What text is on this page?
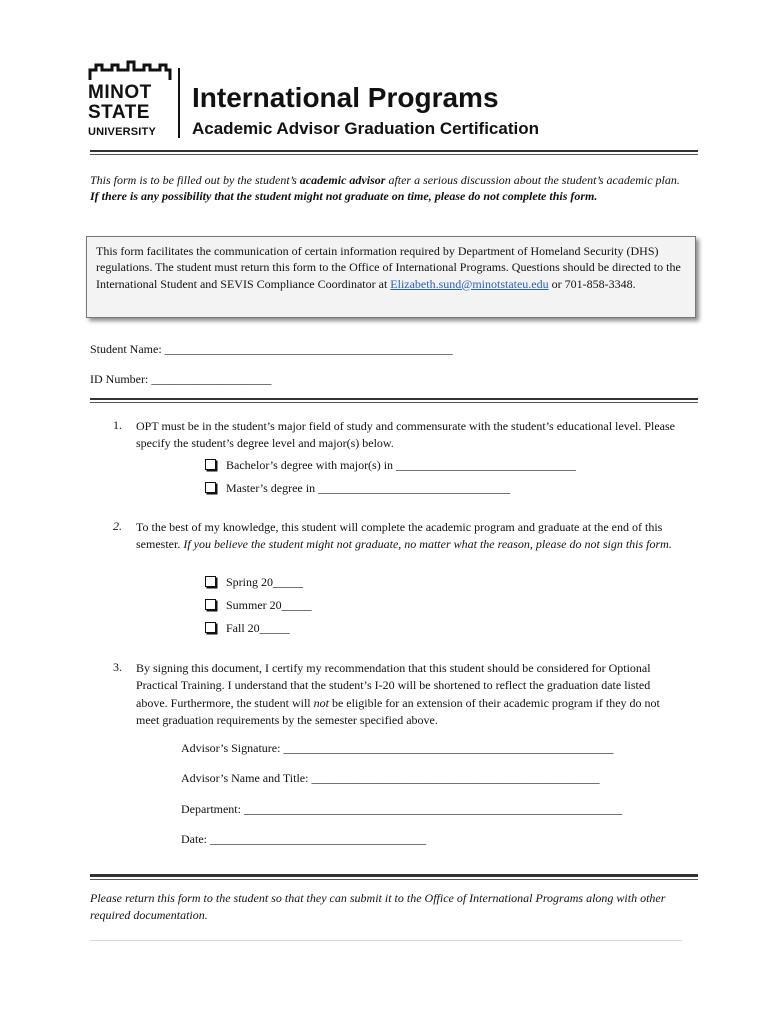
MINOT
STATE
UNIVERSITY
International Programs
Academic Advisor Graduation Certification
This form is to be filled out by the student’s academic advisor after a serious discussion about the student’s academic plan. If there is any possibility that the student might not graduate on time, please do not complete this form.
This form facilitates the communication of certain information required by Department of Homeland Security (DHS) regulations. The student must return this form to the Office of International Programs. Questions should be directed to the International Student and SEVIS Compliance Coordinator at Elizabeth.sund@minotstateu.edu or 701-858-3348.
Student Name: ________________________________________________
ID Number: ____________________
1. OPT must be in the student’s major field of study and commensurate with the student’s educational level. Please specify the student’s degree level and major(s) below.
Bachelor’s degree with major(s) in ______________________________
Master’s degree in ________________________________
2. To the best of my knowledge, this student will complete the academic program and graduate at the end of this semester. If you believe the student might not graduate, no matter what the reason, please do not sign this form.
Spring 20_____
Summer 20_____
Fall 20_____
3. By signing this document, I certify my recommendation that this student should be considered for Optional Practical Training. I understand that the student’s I-20 will be shortened to reflect the graduation date listed above. Furthermore, the student will not be eligible for an extension of their academic program if they do not meet graduation requirements by the semester specified above.
Advisor’s Signature: _______________________________________________________
Advisor’s Name and Title: ________________________________________________
Department: _______________________________________________________________
Date: ____________________________________
Please return this form to the student so that they can submit it to the Office of International Programs along with other required documentation.
